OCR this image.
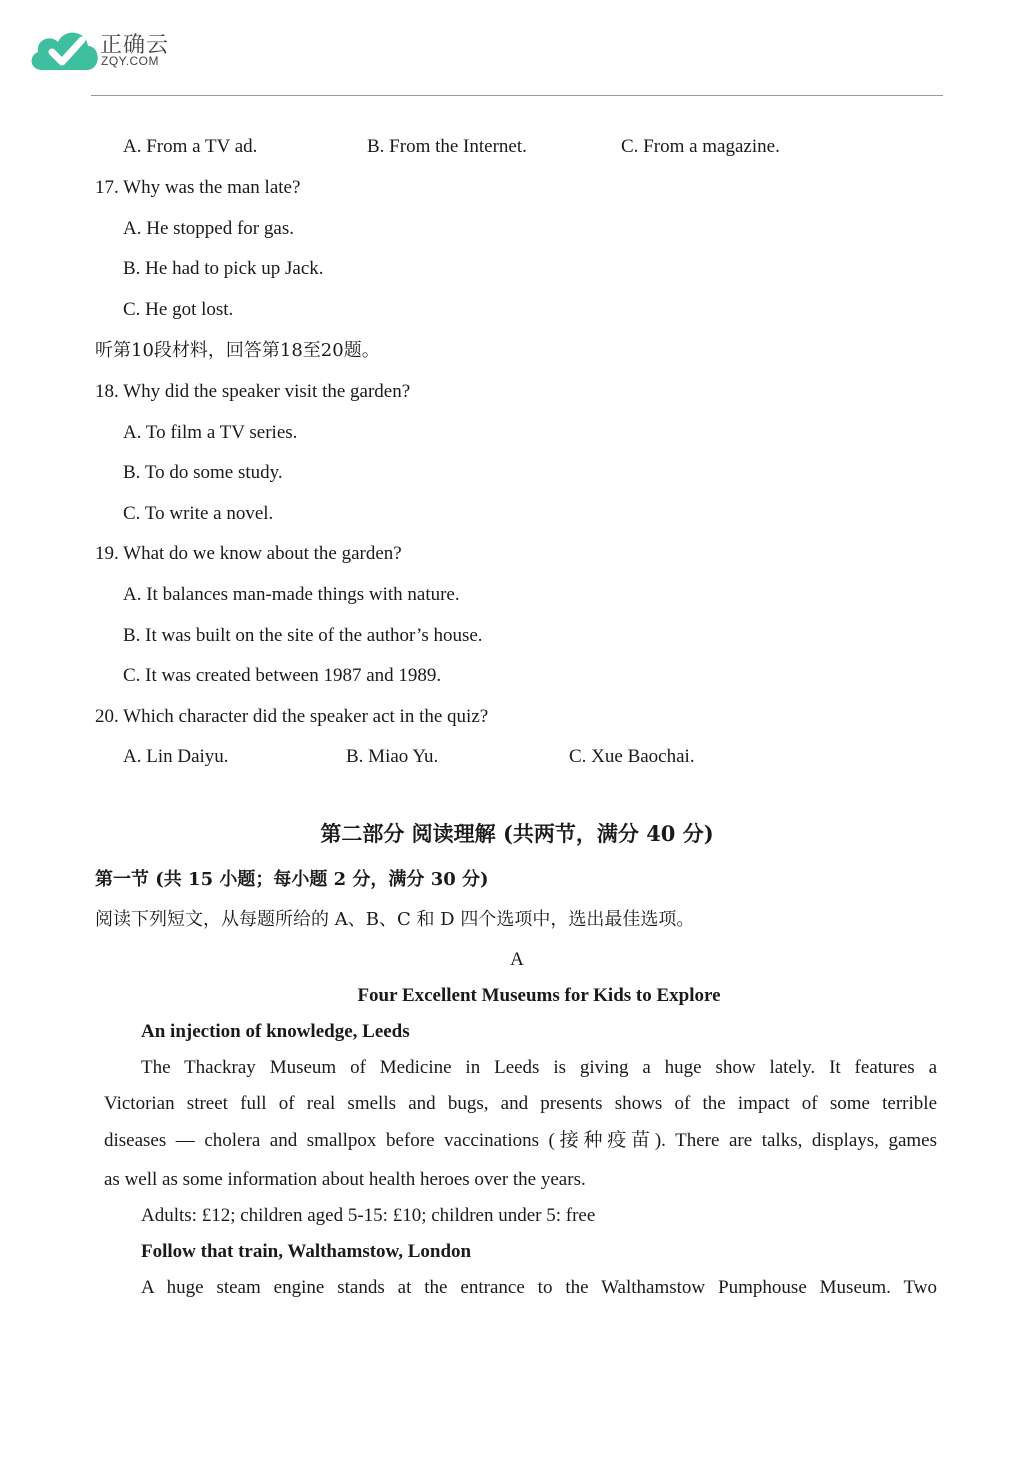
正确云
ZQY.COM
A. From a TV ad.	B. From the Internet.	C. From a magazine.
17. Why was the man late?
A. He stopped for gas.
B. He had to pick up Jack.
C. He got lost.
听第10段材料，回答第18至20题。
18. Why did the speaker visit the garden?
A. To film a TV series.
B. To do some study.
C. To write a novel.
19. What do we know about the garden?
A. It balances man-made things with nature.
B. It was built on the site of the author’s house.
C. It was created between 1987 and 1989.
20. Which character did the speaker act in the quiz?
A. Lin Daiyu.	B. Miao Yu.	C. Xue Baochai.
第二部分 阅读理解 (共两节，满分 40 分)
第一节 (共 15 小题；每小题 2 分，满分 30 分)
阅读下列短文，从每题所给的 A、B、C 和 D 四个选项中，选出最佳选项。
A
Four Excellent Museums for Kids to Explore
An injection of knowledge, Leeds
The Thackray Museum of Medicine in Leeds is giving a huge show lately. It features a
Victorian street full of real smells and bugs, and presents shows of the impact of some terrible
diseases — cholera and smallpox before vaccinations (接种疫苗). There are talks, displays, games
as well as some information about health heroes over the years.
Adults: £12; children aged 5-15: £10; children under 5: free
Follow that train, Walthamstow, London
A huge steam engine stands at the entrance to the Walthamstow Pumphouse Museum. Two
